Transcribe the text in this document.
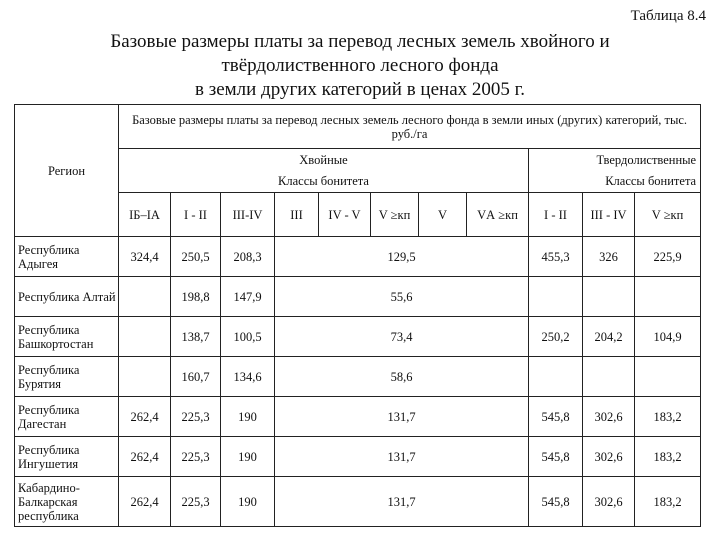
Таблица 8.4
Базовые размеры платы за перевод лесных земель хвойного и
твёрдолиственного лесного фонда
в земли других категорий в ценах 2005 г.
Регион	Базовые размеры платы за перевод лесных земель лесного фонда в земли иных (других) категорий, тыс. руб./га										
	Хвойные								Твердолиственные		
	Классы бонитета								Классы бонитета		
	IБ–IА	I - II	III-IV	III	IV - V	V ≥кп	V	VА ≥кп	I - II	III - IV	V ≥кп
Республика Адыгея	324,4	250,5	208,3	129,5					455,3	326	225,9
Республика Алтай		198,8	147,9	55,6							
Республика Башкортостан		138,7	100,5	73,4					250,2	204,2	104,9
Республика Бурятия		160,7	134,6	58,6							
Республика Дагестан	262,4	225,3	190	131,7					545,8	302,6	183,2
Республика Ингушетия	262,4	225,3	190	131,7					545,8	302,6	183,2
Кабардино-Балкарская республика	262,4	225,3	190	131,7					545,8	302,6	183,2
